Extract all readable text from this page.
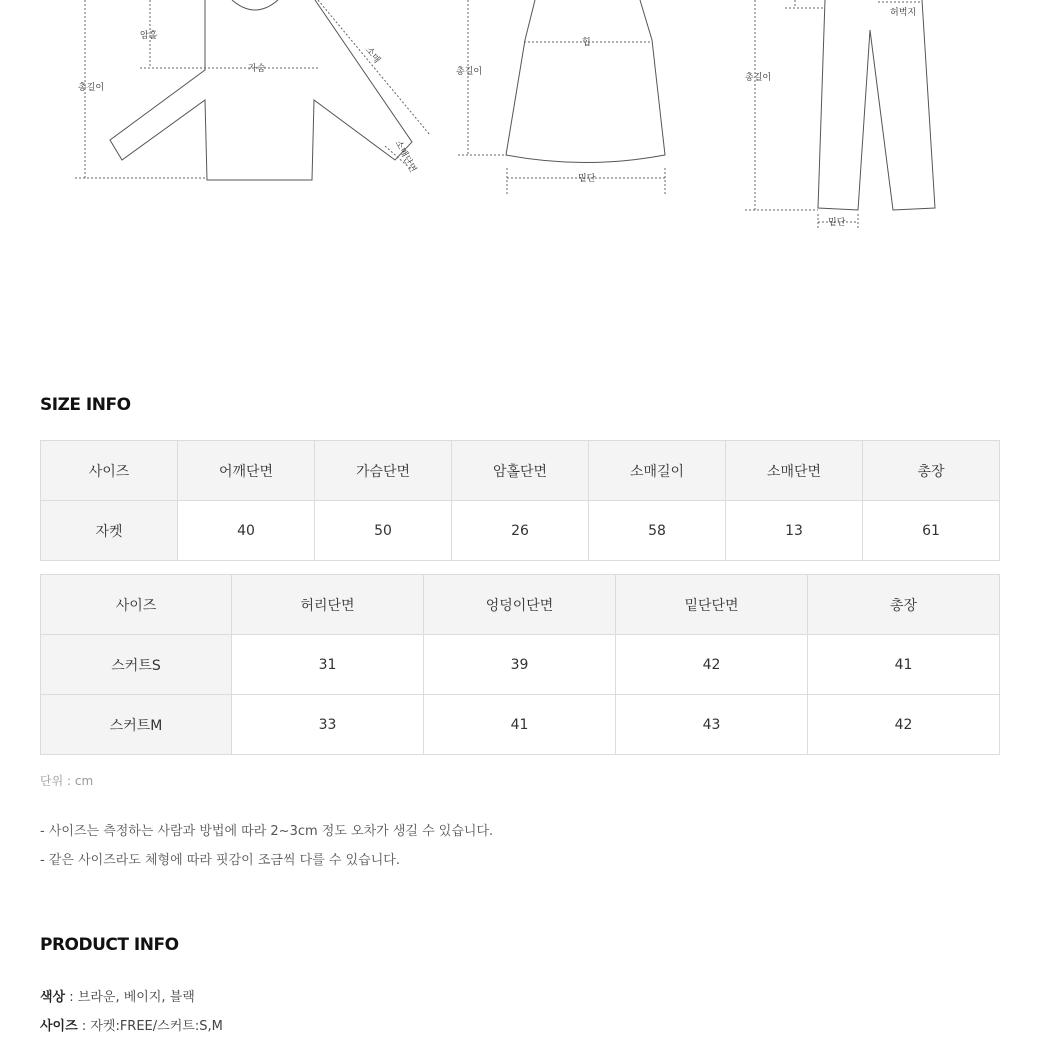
총길이
암홀
가슴
소매
소매단면
총길이
힙
밑단
총길이
허벅지
밑단
SIZE INFO
사이즈	어깨단면	가슴단면	암홀단면	소매길이	소매단면	총장
자켓	40	50	26	58	13	61
사이즈	허리단면	엉덩이단면	밑단단면	총장
스커트S	31	39	42	41
스커트M	33	41	43	42
단위 : cm
- 사이즈는 측정하는 사람과 방법에 따라 2~3cm 정도 오차가 생길 수 있습니다.
- 같은 사이즈라도 체형에 따라 핏감이 조금씩 다를 수 있습니다.
PRODUCT INFO
색상 : 브라운, 베이지, 블랙
사이즈 : 자켓:FREE/스커트:S,M
